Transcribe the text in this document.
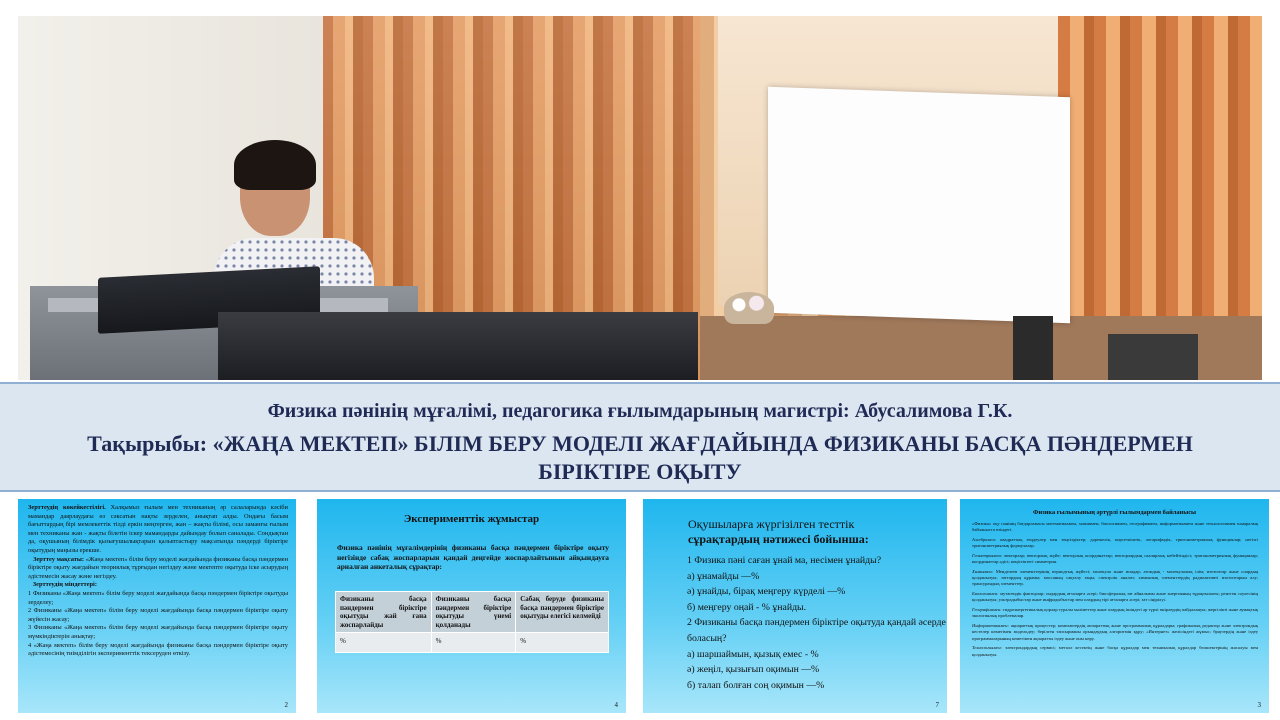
Физика пәнінің мұғалімі, педагогика ғылымдарының магистрі: Абусалимова Г.К.
Тақырыбы: «ЖАҢА МЕКТЕП» БІЛІМ БЕРУ МОДЕЛІ ЖАҒДАЙЫНДА ФИЗИКАНЫ БАСҚА ПӘНДЕРМЕН БІРІКТІРЕ ОҚЫТУ

Зерттеудің көкейкестілігі. Халқымыз ғылым мен техниканың әр салаларында кәсіби мамандар даярлаудағы өз сәксатын нақты зерделен, анықтап алды. Ондағы басым бағыттардың бірі мемлекеттік тілді еркін меңгерген, жан – жақты білімі, осы заманғы ғылым мен техниканы жан - жақты білетін іскер мамандарды дайындау болып саналады. Сондықтан да, оқушының білімдік қызығушылықтарын қалыптастыру мақсатында пәндерді біріктіре оқытудың маңызы ерекше.

Зерттеу мақсаты: «Жаңа мектеп» білім беру моделі жағдайында физиканы басқа пәндермен біріктіре оқыту жағдайын теориялық тұрғыдан негіздеу және мектепте оқытуда іске асырудың әдістемесін жасау және негіздеу.

Зерттеудің міндеттері:

1 Физиканы «Жаңа мектеп» білім беру моделі жағдайында басқа пәндермен біріктіре оқытуды зерделеу;

2 Физиканы «Жаңа мектеп» білім беру моделі жағдайында басқа пәндермен біріктіре оқыту жүйесін жасау;

3 Физиканы «Жаңа мектеп» білім беру моделі жағдайында басқа пәндермен біріктіре оқыту мүмкіндіктерін анықтау;

4 «Жаңа мектеп» білім беру моделі жағдайында физиканы басқа пәндермен біріктіре оқыту әдістемесінің тиімділігін эксперименттік тексеруден өткізу.

2
Эксперименттік жұмыстар
Физика пәнінің мұғалімдерінің физиканы басқа пәндермен біріктіре оқыту негізінде сабақ жоспарларын қандай деңгейде жоспарлайтынын айқындауға арналған анкеталық сұрақтар:
Физиканы басқа пәндермен біріктіре оқытуды жай ғана жоспарлайды	Физиканы басқа пәндермен біріктіре оқытуды үнемі қолданады	Сабақ беруде физиканы басқа пәндермен біріктіре оқытуды елегісі келмейді
%	%	%
4
Оқушыларға жүргізілген тесттік
сұрақтардың нәтижесі бойынша:
1 Физика пәні саған ұнай ма, несімен ұнайды?
а) ұнамайды —%
ә) ұнайды, бірақ меңгеру күрделі —%
б) меңгеру оңай - % ұнайды.
2 Физиканы басқа пәндермен біріктіре оқытуда қандай әсерде боласың?
а) шаршаймын, қызық емес - %
ә) жеңіл, қызығып оқимын —%
б) талап болған соң оқимын —%
7
Физика ғылымының әртүрлі ғылымдармен байланысы

«Физика» оқу пәнінің бағдарламасы математикамен, химиямен, биологиямен, географиямен, информатикамен және технологиямен пәнаралық байланыста өзіндегі.

Алгебрамен: квадраттық теңдеулер мен төңсіздіктер; дәрежелік, көрсеткіштік, логарифмдік, тригонометриялық функциялар; негізгі тригонометриялық формулалар.

Геометриямен: векторлар; векторлық жүйе; векторлық координаттар; векторлардың скалярлық көбейтіндісі; тригонометриялық функциялар; координаттар әдісі; кеңістіктегі симметрия.

Химиямен: Менделеев элементтерінің периодтық жүйесі; молекула және иондар; атомдық - молекулалық ілім; изотоптар және олардың қолданылуы; заттардың құрамы; массаның сақталу заңы; спектрлік анализ; химиялық элементтердің радиоактивті изотоптарын алу; трансурандық элементтер.

Биологиямен: мутагендік факторлар; ондардың ағзаларға әсері; биосфералық зат айналымы және энергияның тұрақтылығы; рентген сәулесінің қолданылуы; ультрадыбыстар және инфрадыбыстар мен олардың тірі ағзаларға әсері; зат сіңірілуі.

Географиямен: гидроэнергетикалық қорлар туралы мәліметтер және олардың ішіндегі әр түрлі өнірлердің пайдалануы; жергілікті және аумақтық экологиялық проблемалар.

Информатикамен: ақпараттық процестер; компьютердің аппараттық және программалық құралдары; графикалық редактор және электрондық кестелер көмегімен модельдеу; берілген тапсырманы орындаудың алгоритмін құру; «Интернет» желісіндегі жұмыс; браузердің және іздеу программаларының көмегімен ақпаратты іздеу және оны көру.

Технологиямен: электрондардың сервисі; металл кесектің және басқа құралдар мен техникалық құралдар бөлшектерінің жасалуы мен қолданылуы.

3
